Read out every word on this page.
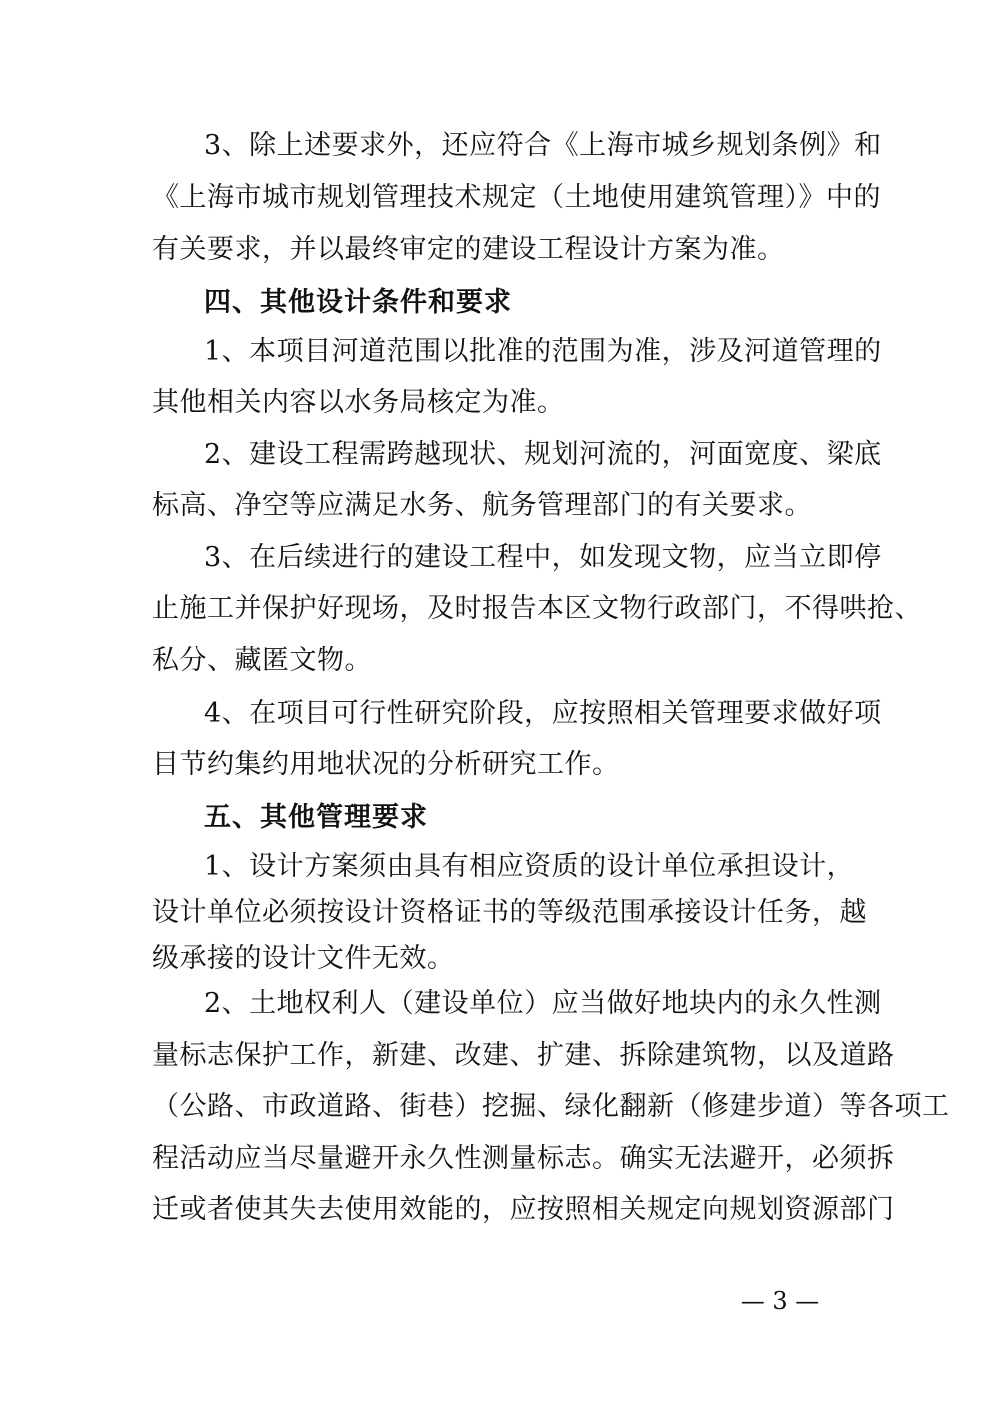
3、除上述要求外，还应符合《上海市城乡规划条例》和
《上海市城市规划管理技术规定（土地使用建筑管理）》中的
有关要求，并以最终审定的建设工程设计方案为准。
四、其他设计条件和要求
1、本项目河道范围以批准的范围为准，涉及河道管理的
其他相关内容以水务局核定为准。
2、建设工程需跨越现状、规划河流的，河面宽度、梁底
标高、净空等应满足水务、航务管理部门的有关要求。
3、在后续进行的建设工程中，如发现文物，应当立即停
止施工并保护好现场，及时报告本区文物行政部门，不得哄抢、
私分、藏匿文物。
4、在项目可行性研究阶段，应按照相关管理要求做好项
目节约集约用地状况的分析研究工作。
五、其他管理要求
1、设计方案须由具有相应资质的设计单位承担设计，
设计单位必须按设计资格证书的等级范围承接设计任务，越
级承接的设计文件无效。
2、土地权利人（建设单位）应当做好地块内的永久性测
量标志保护工作，新建、改建、扩建、拆除建筑物，以及道路
（公路、市政道路、街巷）挖掘、绿化翻新（修建步道）等各项工
程活动应当尽量避开永久性测量标志。确实无法避开，必须拆
迁或者使其失去使用效能的，应按照相关规定向规划资源部门
— 3 —
